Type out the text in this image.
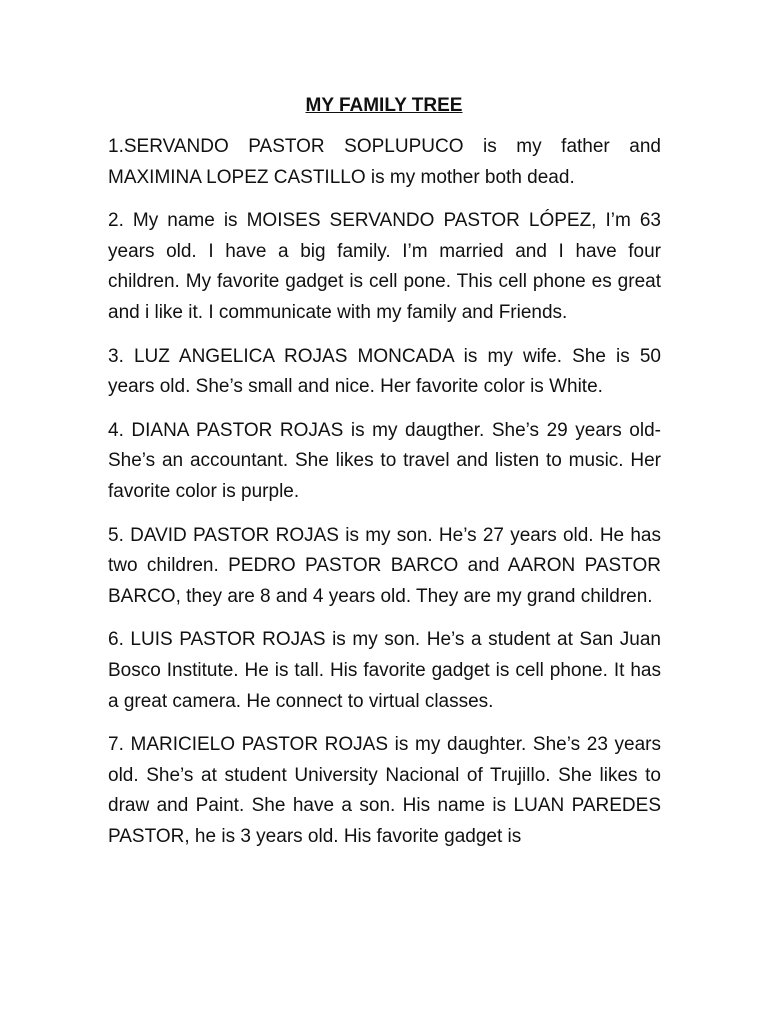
MY FAMILY TREE

1.SERVANDO PASTOR SOPLUPUCO is my father and MAXIMINA LOPEZ CASTILLO is my mother both dead.

2. My name is MOISES SERVANDO PASTOR LÓPEZ, I’m 63 years old. I have a big family. I’m married and I have four children. My favorite gadget is cell pone. This cell phone es great and i like it. I communicate with my family and Friends.

3. LUZ ANGELICA ROJAS MONCADA is my wife. She is 50 years old. She’s small and nice. Her favorite color is White.

4. DIANA PASTOR ROJAS is my daugther. She’s 29 years old- She’s an accountant. She likes to travel and listen to music. Her favorite color is purple.

5. DAVID PASTOR ROJAS is my son. He’s 27 years old. He has two children. PEDRO PASTOR BARCO and AARON PASTOR BARCO, they are 8 and 4 years old. They are my grand children.

6. LUIS PASTOR ROJAS is my son. He’s a student at San Juan Bosco Institute. He is tall. His favorite gadget is cell phone. It has a great camera. He connect to virtual classes.

7. MARICIELO PASTOR ROJAS is my daughter. She’s 23 years old. She’s at student University Nacional of Trujillo. She likes to draw and Paint. She have a son. His name is LUAN PAREDES PASTOR, he is 3 years old. His favorite gadget is
